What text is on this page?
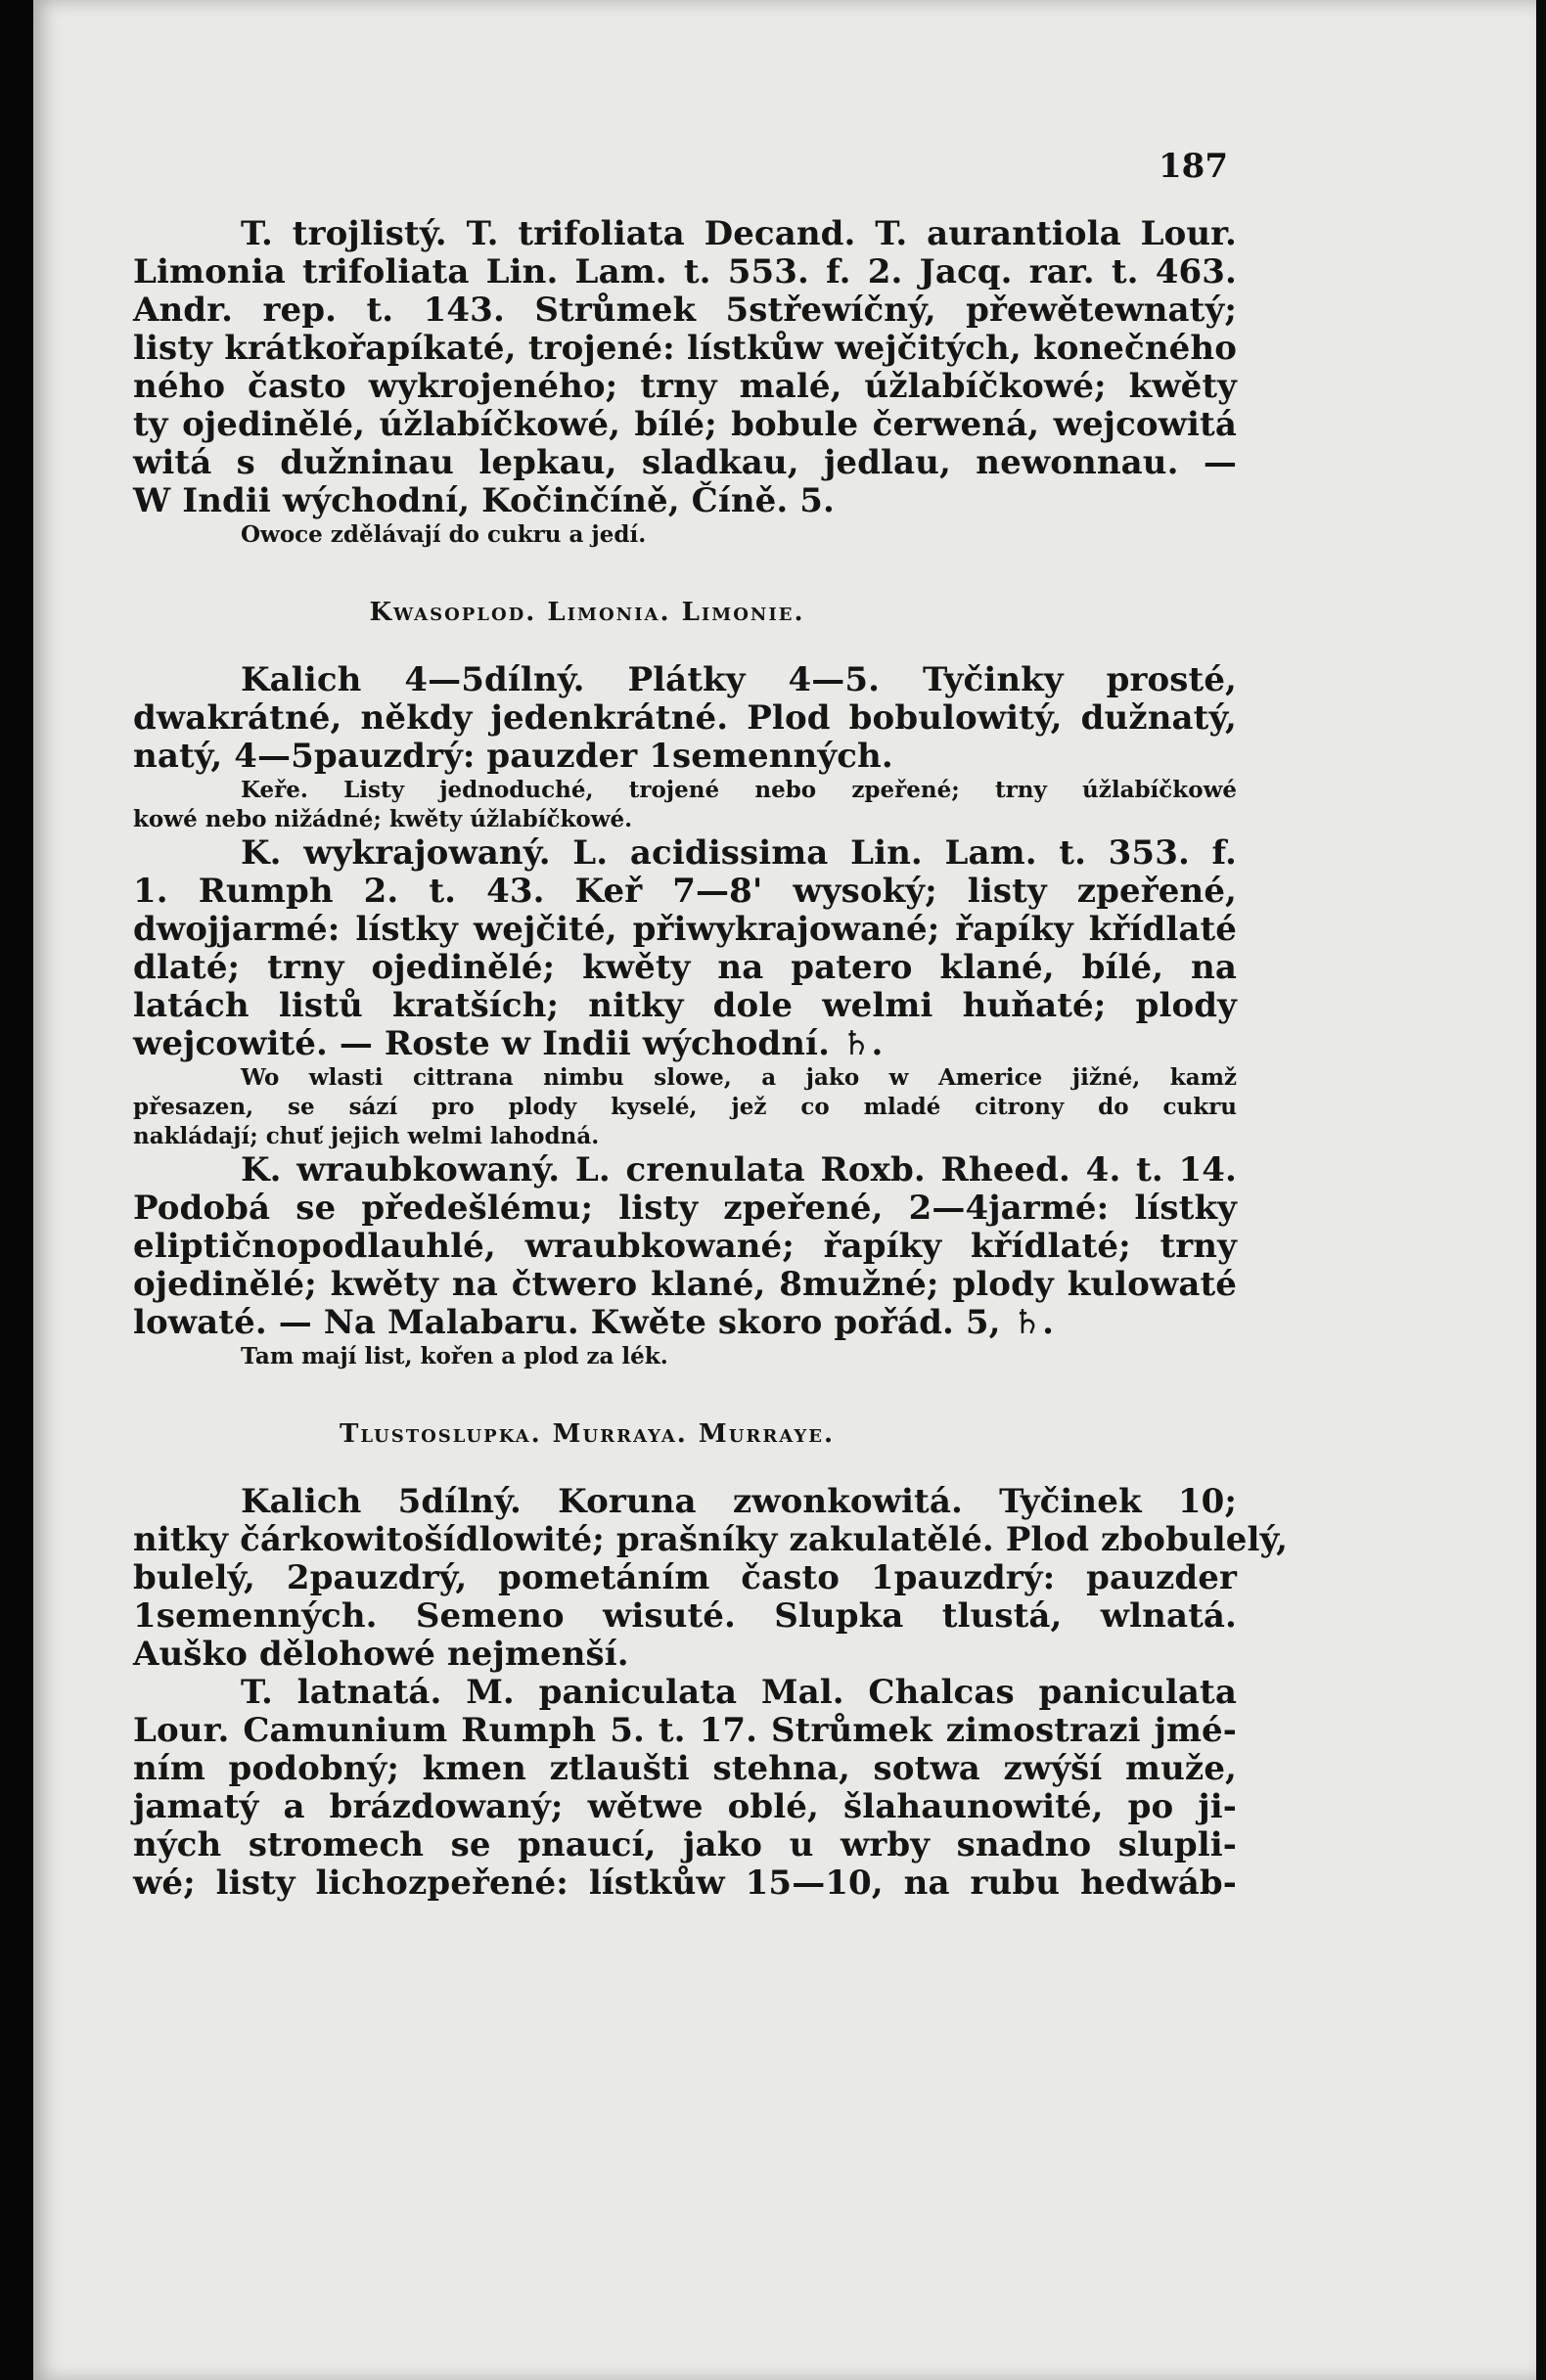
187
T. trojlistý. T. trifoliata Decand. T. aurantiola Lour.
Limonia trifoliata Lin. Lam. t. 553. f. 2. Jacq. rar. t. 463.
Andr. rep. t. 143. Strůmek 5střewíčný, přewětewnatý;
listy krátkořapíkaté, trojené: lístkůw wejčitých, konečného
ného často wykrojeného; trny malé, úžlabíčkowé; kwěty
ty ojedinělé, úžlabíčkowé, bílé; bobule čerwená, wejcowitá
witá s dužninau lepkau, sladkau, jedlau, newonnau. —
W Indii wýchodní, Kočinčíně, Číně. 5.
Owoce zdělávají do cukru a jedí.
Kwasoplod. Limonia. Limonie.
Kalich 4—5dílný. Plátky 4—5. Tyčinky prosté,
dwakrátné, někdy jedenkrátné. Plod bobulowitý, dužnatý,
natý, 4—5pauzdrý: pauzder 1semenných.
Keře. Listy jednoduché, trojené nebo zpeřené; trny úžlabíčkowé
kowé nebo nižádné; kwěty úžlabíčkowé.
K. wykrajowaný. L. acidissima Lin. Lam. t. 353. f.
1. Rumph 2. t. 43. Keř 7—8' wysoký; listy zpeřené,
dwojjarmé: lístky wejčité, přiwykrajowané; řapíky křídlaté
dlaté; trny ojedinělé; kwěty na patero klané, bílé, na
latách listů kratších; nitky dole welmi huňaté; plody
wejcowité. — Roste w Indii wýchodní. ♄.
Wo wlasti cittrana nimbu slowe, a jako w Americe jižné, kamž
přesazen, se sází pro plody kyselé, jež co mladé citrony do cukru
nakládají; chuť jejich welmi lahodná.
K. wraubkowaný. L. crenulata Roxb. Rheed. 4. t. 14.
Podobá se předešlému; listy zpeřené, 2—4jarmé: lístky
eliptičnopodlauhlé, wraubkowané; řapíky křídlaté; trny
ojedinělé; kwěty na čtwero klané, 8mužné; plody kulowaté
lowaté. — Na Malabaru. Kwěte skoro pořád. 5, ♄.
Tam mají list, kořen a plod za lék.
Tlustoslupka. Murraya. Murraye.
Kalich 5dílný. Koruna zwonkowitá. Tyčinek 10;
nitky čárkowitošídlowité; prašníky zakulatělé. Plod zbobulelý,
bulelý, 2pauzdrý, pometáním často 1pauzdrý: pauzder
1semenných. Semeno wisuté. Slupka tlustá, wlnatá.
Auško dělohowé nejmenší.
T. latnatá. M. paniculata Mal. Chalcas paniculata
Lour. Camunium Rumph 5. t. 17. Strůmek zimostrazi jmé-
ním podobný; kmen ztlaušti stehna, sotwa zwýší muže,
jamatý a brázdowaný; wětwe oblé, šlahaunowité, po ji-
ných stromech se pnaucí, jako u wrby snadno slupli-
wé; listy lichozpeřené: lístkůw 15—10, na rubu hedwáb-
